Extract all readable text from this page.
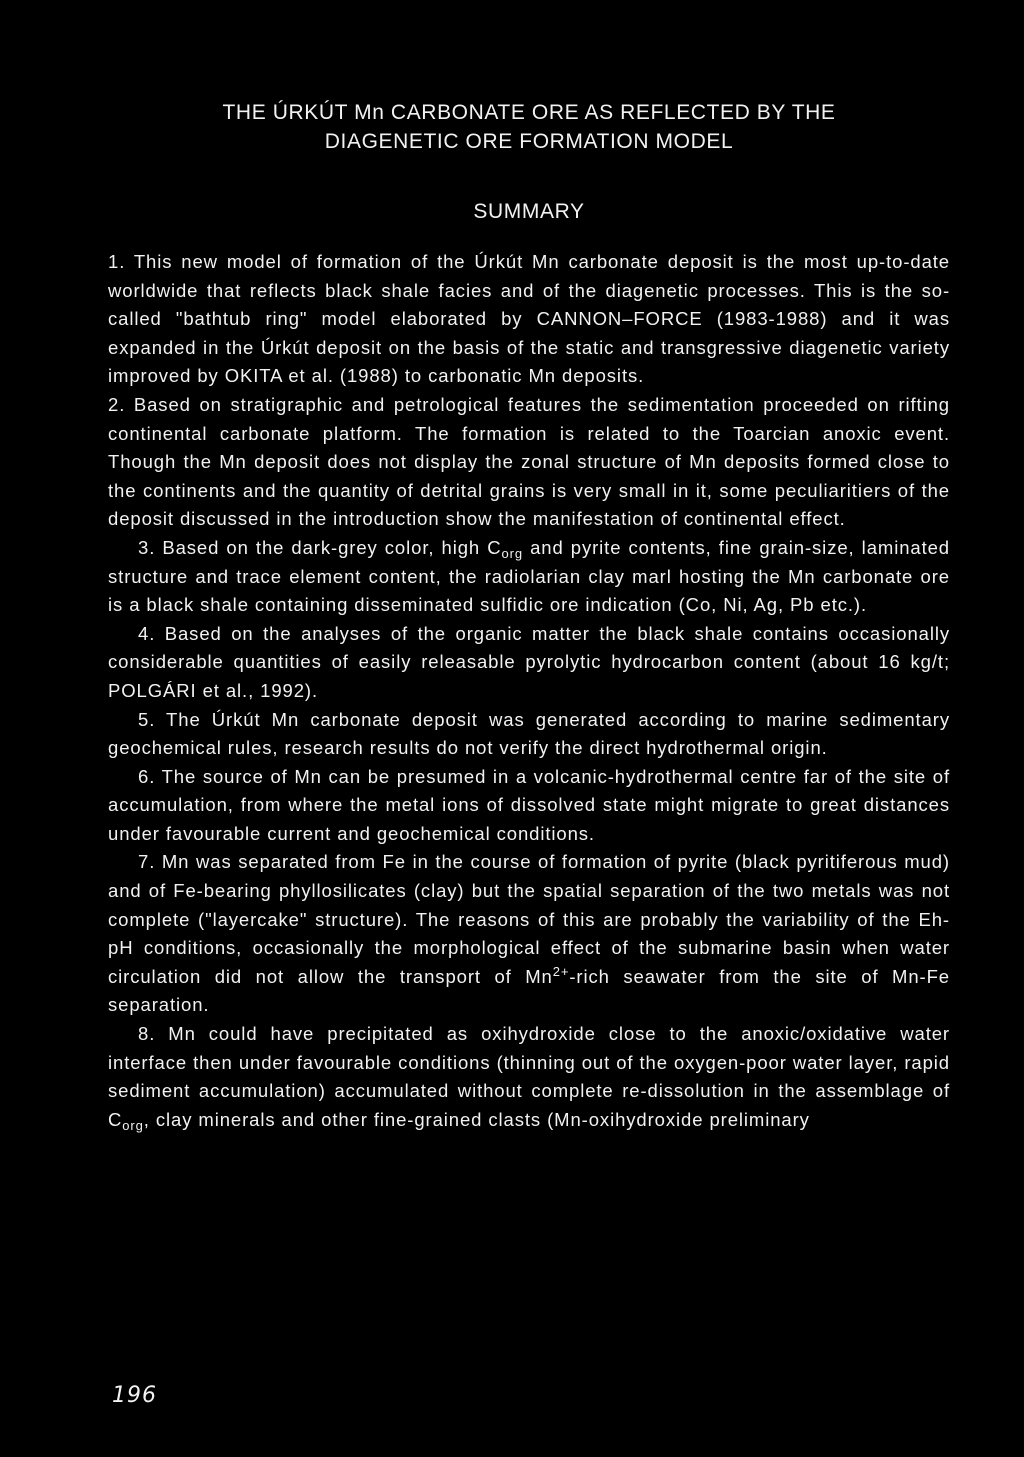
THE ÚRKÚT Mn CARBONATE ORE AS REFLECTED BY THE
DIAGENETIC ORE FORMATION MODEL
SUMMARY

1. This new model of formation of the Úrkút Mn carbonate deposit is the most up-to-date worldwide that reflects black shale facies and of the diagenetic processes. This is the so-called "bathtub ring" model elaborated by CANNON–FORCE (1983-1988) and it was expanded in the Úrkút deposit on the basis of the static and transgressive diagenetic variety improved by OKITA et al. (1988) to carbonatic Mn deposits.

2. Based on stratigraphic and petrological features the sedimentation proceeded on rifting continental carbonate platform. The formation is related to the Toarcian anoxic event. Though the Mn deposit does not display the zonal structure of Mn deposits formed close to the continents and the quantity of detrital grains is very small in it, some peculiaritiers of the deposit discussed in the introduction show the manifestation of continental effect.

3. Based on the dark-grey color, high $C_{org}$ and pyrite contents, fine grain-size, laminated structure and trace element content, the radiolarian clay marl hosting the Mn carbonate ore is a black shale containing disseminated sulfidic ore indication (Co, Ni, Ag, Pb etc.).

4. Based on the analyses of the organic matter the black shale contains occasionally considerable quantities of easily releasable pyrolytic hydrocarbon content (about 16 kg/t; POLGÁRI et al., 1992).

5. The Úrkút Mn carbonate deposit was generated according to marine sedimentary geochemical rules, research results do not verify the direct hydrothermal origin.

6. The source of Mn can be presumed in a volcanic-hydrothermal centre far of the site of accumulation, from where the metal ions of dissolved state might migrate to great distances under favourable current and geochemical conditions.

7. Mn was separated from Fe in the course of formation of pyrite (black pyritiferous mud) and of Fe-bearing phyllosilicates (clay) but the spatial separation of the two metals was not complete ("layercake" structure). The reasons of this are probably the variability of the Eh-pH conditions, occasionally the morphological effect of the submarine basin when water circulation did not allow the transport of $Mn^{2+}$-rich seawater from the site of Mn-Fe separation.

8. Mn could have precipitated as oxihydroxide close to the anoxic/oxidative water interface then under favourable conditions (thinning out of the oxygen-poor water layer, rapid sediment accumulation) accumulated without complete re-dissolution in the assemblage of $C_{org}$, clay minerals and other fine-grained clasts (Mn-oxihydroxide preliminary

196
